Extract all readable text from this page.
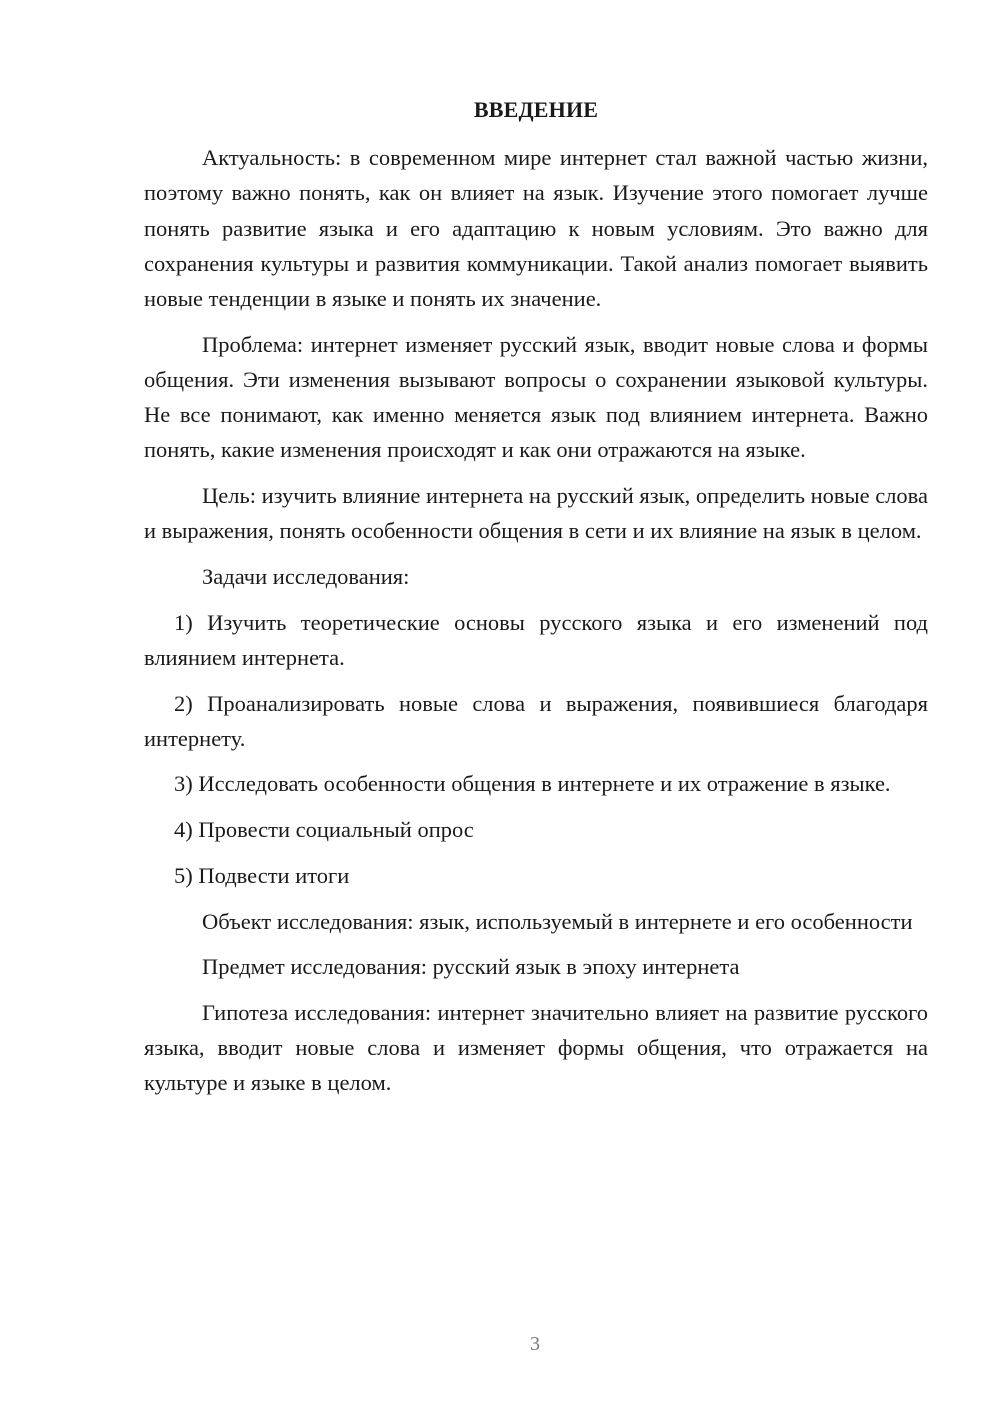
ВВЕДЕНИЕ

Актуальность: в современном мире интернет стал важной частью жизни, поэтому важно понять, как он влияет на язык. Изучение этого помогает лучше понять развитие языка и его адаптацию к новым условиям. Это важно для сохранения культуры и развития коммуникации. Такой анализ помогает выявить новые тенденции в языке и понять их значение.

Проблема: интернет изменяет русский язык, вводит новые слова и формы общения. Эти изменения вызывают вопросы о сохранении языковой культуры. Не все понимают, как именно меняется язык под влиянием интернета. Важно понять, какие изменения происходят и как они отражаются на языке.

Цель: изучить влияние интернета на русский язык, определить новые слова и выражения, понять особенности общения в сети и их влияние на язык в целом.

Задачи исследования:

1) Изучить теоретические основы русского языка и его изменений под влиянием интернета.

2) Проанализировать новые слова и выражения, появившиеся благодаря интернету.

3) Исследовать особенности общения в интернете и их отражение в языке.

4) Провести социальный опрос

5) Подвести итоги

Объект исследования: язык, используемый в интернете и его особенности

Предмет исследования: русский язык в эпоху интернета

Гипотеза исследования: интернет значительно влияет на развитие русского языка, вводит новые слова и изменяет формы общения, что отражается на культуре и языке в целом.

3
